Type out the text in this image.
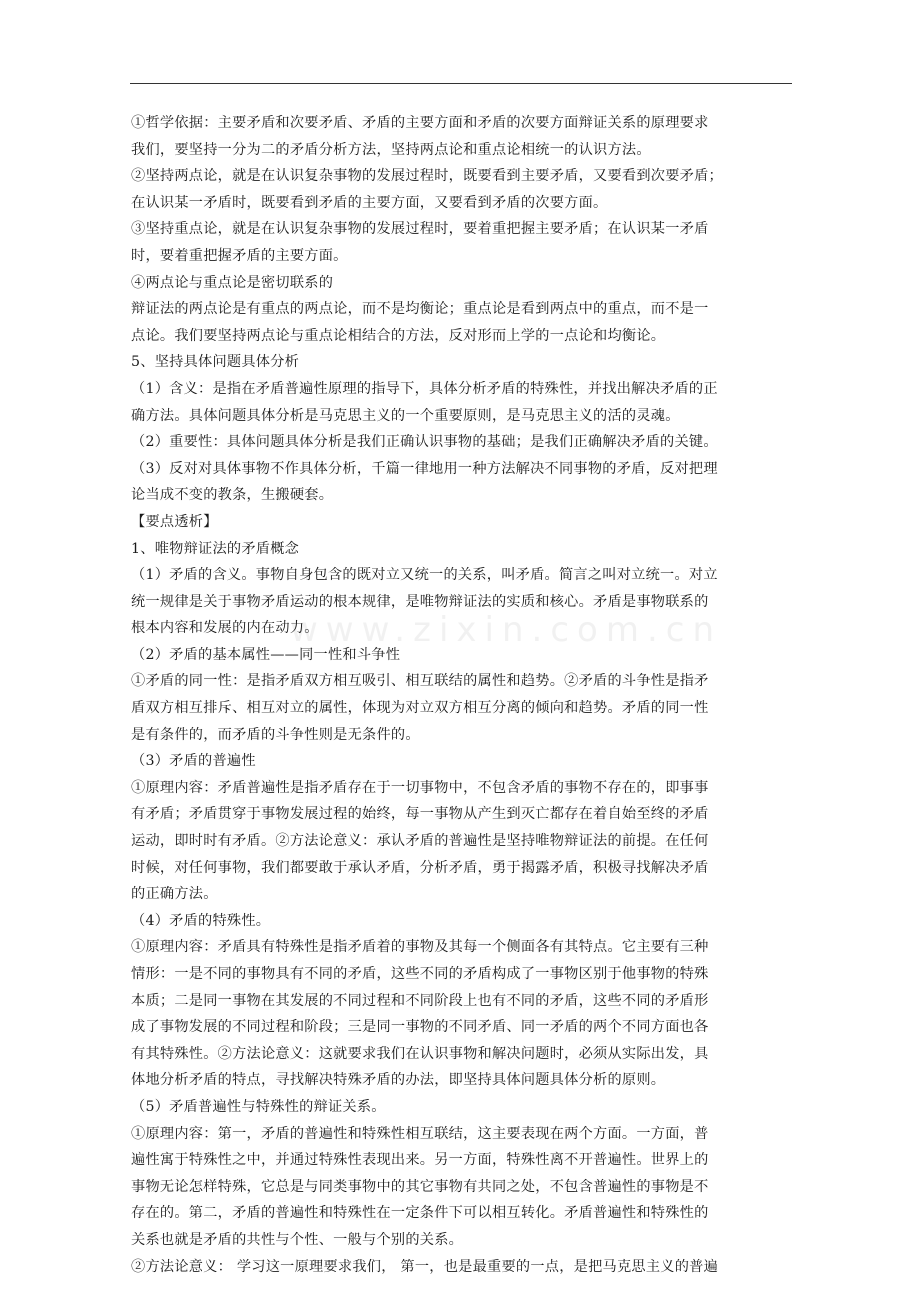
www.zixin.com.cn
①哲学依据：主要矛盾和次要矛盾、矛盾的主要方面和矛盾的次要方面辩证关系的原理要求
我们，要坚持一分为二的矛盾分析方法，坚持两点论和重点论相统一的认识方法。
②坚持两点论，就是在认识复杂事物的发展过程时，既要看到主要矛盾，又要看到次要矛盾；
在认识某一矛盾时，既要看到矛盾的主要方面，又要看到矛盾的次要方面。
③坚持重点论，就是在认识复杂事物的发展过程时，要着重把握主要矛盾；在认识某一矛盾
时，要着重把握矛盾的主要方面。
④两点论与重点论是密切联系的
辩证法的两点论是有重点的两点论，而不是均衡论；重点论是看到两点中的重点，而不是一
点论。我们要坚持两点论与重点论相结合的方法，反对形而上学的一点论和均衡论。
5、坚持具体问题具体分析
（1）含义：是指在矛盾普遍性原理的指导下，具体分析矛盾的特殊性，并找出解决矛盾的正
确方法。具体问题具体分析是马克思主义的一个重要原则，是马克思主义的活的灵魂。
（2）重要性：具体问题具体分析是我们正确认识事物的基础；是我们正确解决矛盾的关键。
（3）反对对具体事物不作具体分析，千篇一律地用一种方法解决不同事物的矛盾，反对把理
论当成不变的教条，生搬硬套。
【要点透析】
1、唯物辩证法的矛盾概念
（1）矛盾的含义。事物自身包含的既对立又统一的关系，叫矛盾。简言之叫对立统一。对立
统一规律是关于事物矛盾运动的根本规律，是唯物辩证法的实质和核心。矛盾是事物联系的
根本内容和发展的内在动力。
（2）矛盾的基本属性——同一性和斗争性
①矛盾的同一性：是指矛盾双方相互吸引、相互联结的属性和趋势。②矛盾的斗争性是指矛
盾双方相互排斥、相互对立的属性，体现为对立双方相互分离的倾向和趋势。矛盾的同一性
是有条件的，而矛盾的斗争性则是无条件的。
（3）矛盾的普遍性
①原理内容：矛盾普遍性是指矛盾存在于一切事物中，不包含矛盾的事物不存在的，即事事
有矛盾；矛盾贯穿于事物发展过程的始终，每一事物从产生到灭亡都存在着自始至终的矛盾
运动，即时时有矛盾。②方法论意义：承认矛盾的普遍性是坚持唯物辩证法的前提。在任何
时候，对任何事物，我们都要敢于承认矛盾，分析矛盾，勇于揭露矛盾，积极寻找解决矛盾
的正确方法。
（4）矛盾的特殊性。
①原理内容：矛盾具有特殊性是指矛盾着的事物及其每一个侧面各有其特点。它主要有三种
情形：一是不同的事物具有不同的矛盾，这些不同的矛盾构成了一事物区别于他事物的特殊
本质；二是同一事物在其发展的不同过程和不同阶段上也有不同的矛盾，这些不同的矛盾形
成了事物发展的不同过程和阶段；三是同一事物的不同矛盾、同一矛盾的两个不同方面也各
有其特殊性。②方法论意义：这就要求我们在认识事物和解决问题时，必须从实际出发，具
体地分析矛盾的特点，寻找解决特殊矛盾的办法，即坚持具体问题具体分析的原则。
（5）矛盾普遍性与特殊性的辩证关系。
①原理内容：第一，矛盾的普遍性和特殊性相互联结，这主要表现在两个方面。一方面，普
遍性寓于特殊性之中，并通过特殊性表现出来。另一方面，特殊性离不开普遍性。世界上的
事物无论怎样特殊，它总是与同类事物中的其它事物有共同之处，不包含普遍性的事物是不
存在的。第二，矛盾的普遍性和特殊性在一定条件下可以相互转化。矛盾普遍性和特殊性的
关系也就是矛盾的共性与个性、一般与个别的关系。
②方法论意义： 学习这一原理要求我们， 第一，也是最重要的一点，是把马克思主义的普遍
